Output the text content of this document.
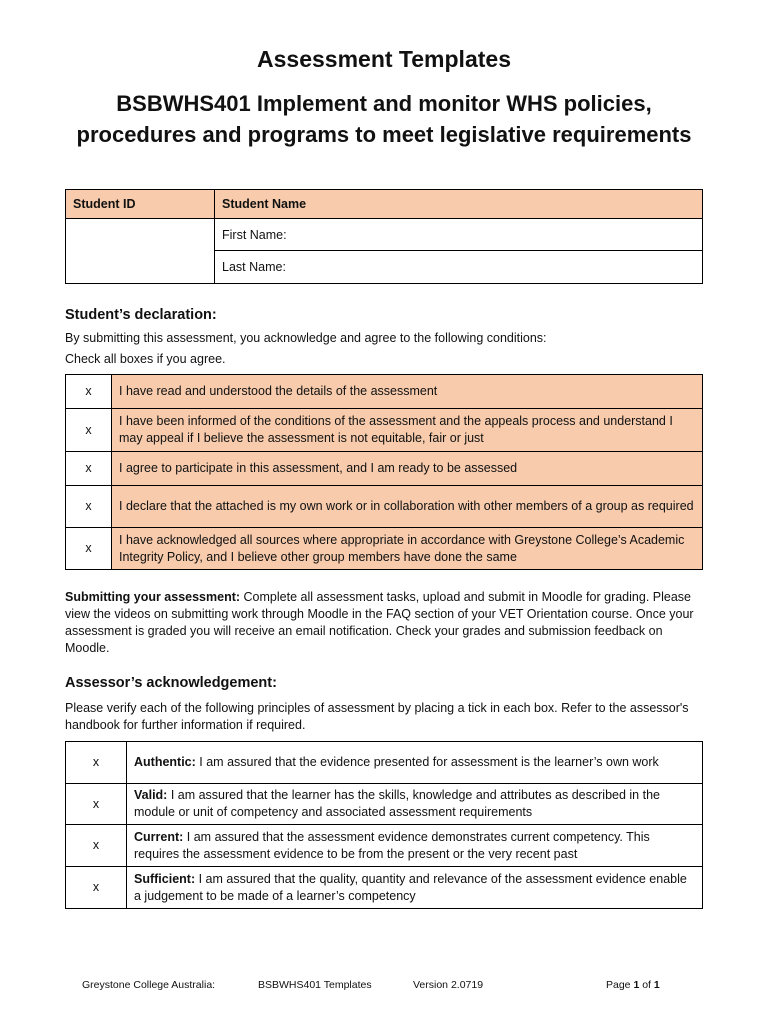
Assessment Templates
BSBWHS401 Implement and monitor WHS policies, procedures and programs to meet legislative requirements
Student ID	Student Name
	First Name:
	Last Name:
Student’s declaration:
By submitting this assessment, you acknowledge and agree to the following conditions:
Check all boxes if you agree.
x	I have read and understood the details of the assessment
x	I have been informed of the conditions of the assessment and the appeals process and understand I may appeal if I believe the assessment is not equitable, fair or just
x	I agree to participate in this assessment, and I am ready to be assessed
x	I declare that the attached is my own work or in collaboration with other members of a group as required
x	I have acknowledged all sources where appropriate in accordance with Greystone College’s Academic Integrity Policy, and I believe other group members have done the same
Submitting your assessment: Complete all assessment tasks, upload and submit in Moodle for grading. Please view the videos on submitting work through Moodle in the FAQ section of your VET Orientation course. Once your assessment is graded you will receive an email notification. Check your grades and submission feedback on Moodle.
Assessor’s acknowledgement:
Please verify each of the following principles of assessment by placing a tick in each box. Refer to the assessor's handbook for further information if required.
x	Authentic: I am assured that the evidence presented for assessment is the learner’s own work
x	Valid: I am assured that the learner has the skills, knowledge and attributes as described in the module or unit of competency and associated assessment requirements
x	Current: I am assured that the assessment evidence demonstrates current competency. This requires the assessment evidence to be from the present or the very recent past
x	Sufficient: I am assured that the quality, quantity and relevance of the assessment evidence enable a judgement to be made of a learner’s competency
Greystone College Australia:	BSBWHS401 Templates	Version 2.0719	Page 1 of 1
